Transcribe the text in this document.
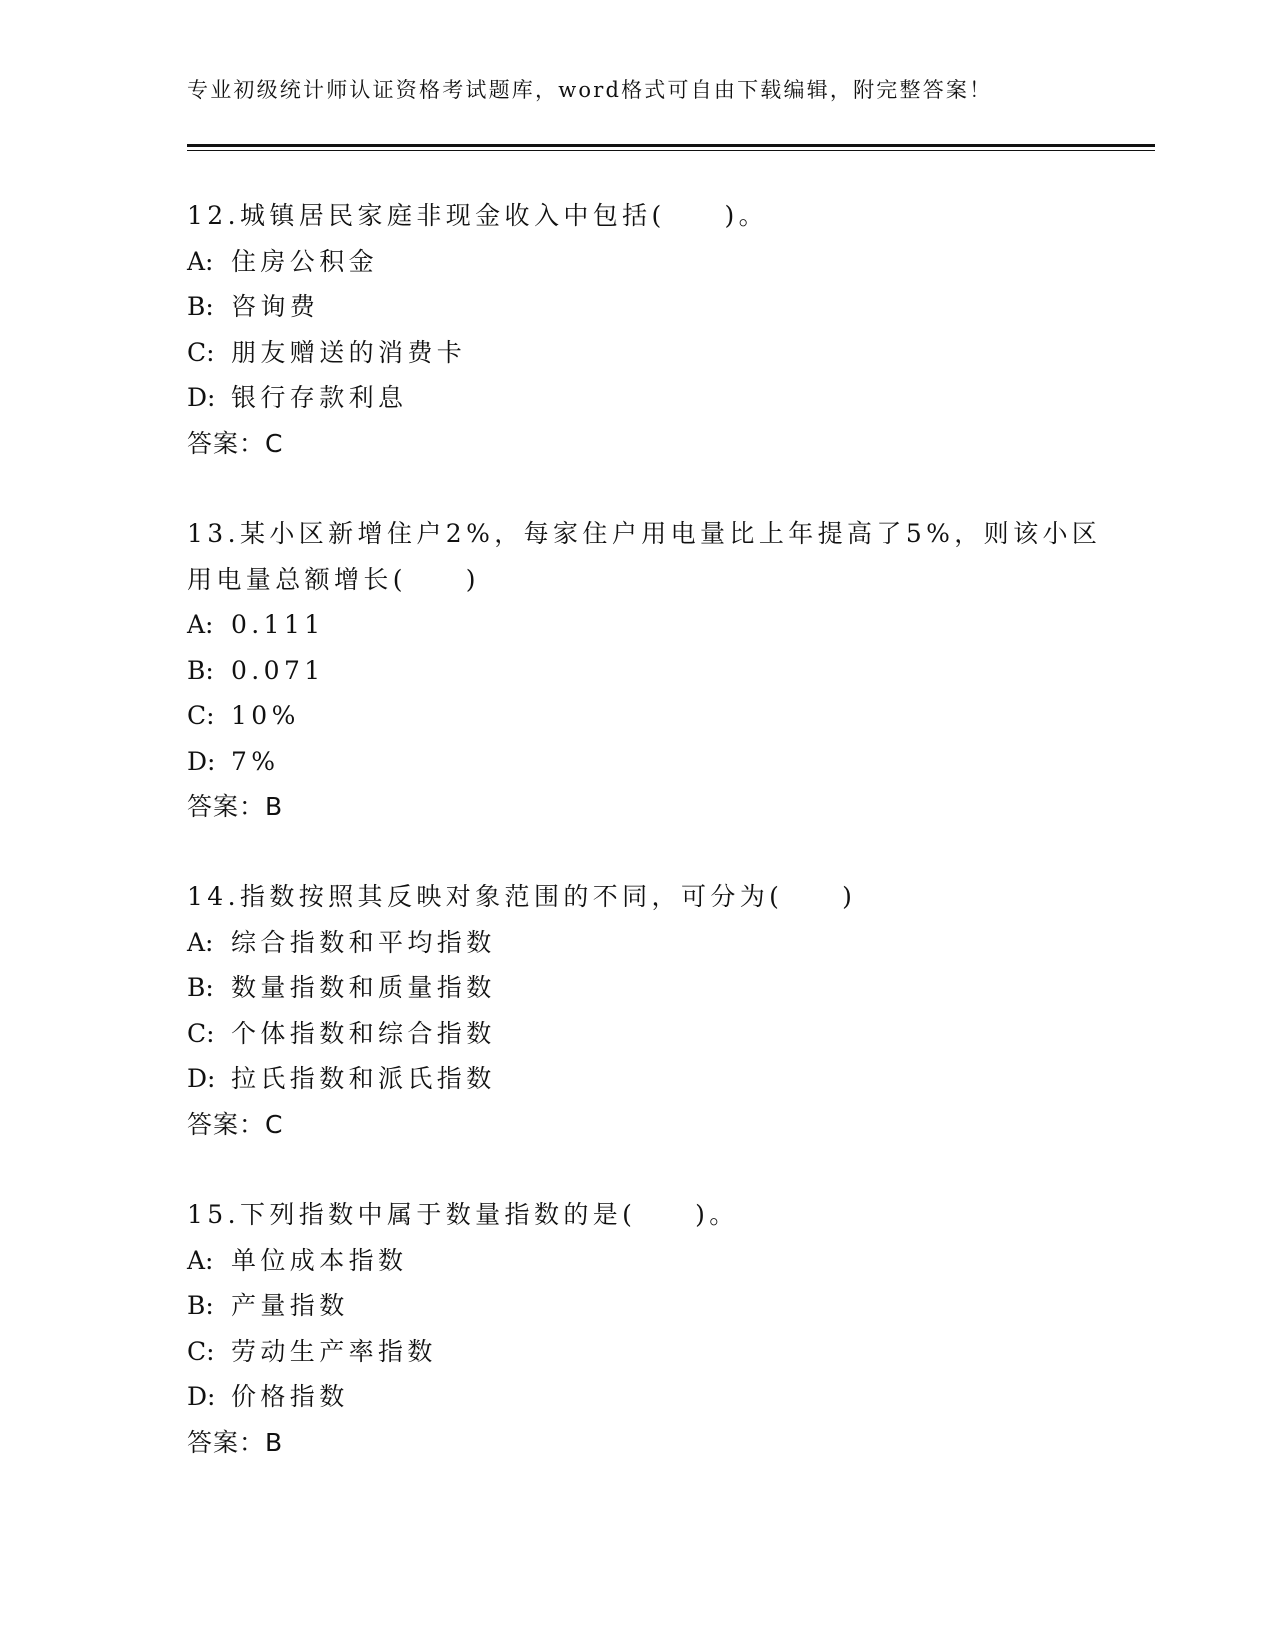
专业初级统计师认证资格考试题库，word格式可自由下载编辑，附完整答案！
12.城镇居民家庭非现金收入中包括(　　)。
A: 住房公积金
B: 咨询费
C: 朋友赠送的消费卡
D: 银行存款利息
答案：C
13.某小区新增住户2%，每家住户用电量比上年提高了5%，则该小区
用电量总额增长(　　)
A: 0.111
B: 0.071
C: 10%
D: 7%
答案：B
14.指数按照其反映对象范围的不同，可分为(　　)
A: 综合指数和平均指数
B: 数量指数和质量指数
C: 个体指数和综合指数
D: 拉氏指数和派氏指数
答案：C
15.下列指数中属于数量指数的是(　　)。
A: 单位成本指数
B: 产量指数
C: 劳动生产率指数
D: 价格指数
答案：B
